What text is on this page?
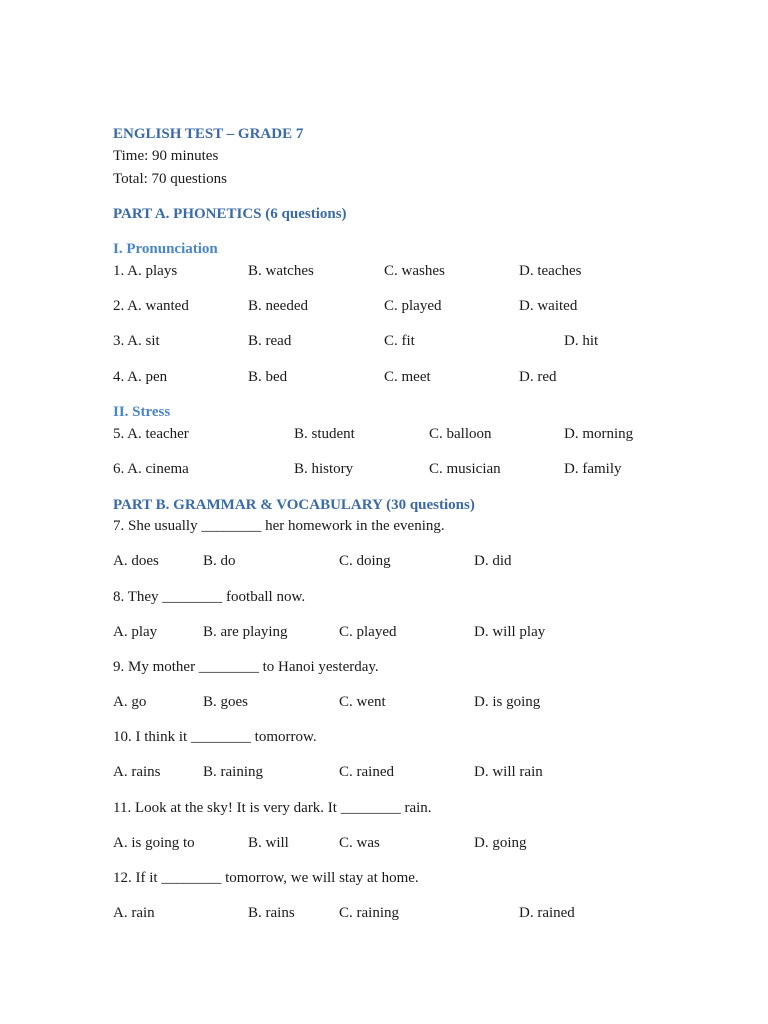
ENGLISH TEST – GRADE 7
Time: 90 minutes
Total: 70 questions
PART A. PHONETICS (6 questions)
I. Pronunciation
1. A. plays	B. watches	C. washes	D. teaches
2. A. wanted	B. needed	C. played	D. waited
3. A. sit	B. read	C. fit	D. hit
4. A. pen	B. bed	C. meet	D. red
II. Stress
5. A. teacher	B. student	C. balloon	D. morning
6. A. cinema	B. history	C. musician	D. family
PART B. GRAMMAR & VOCABULARY (30 questions)
7. She usually ________ her homework in the evening.
A. does	B. do	C. doing	D. did
8. They ________ football now.
A. play	B. are playing	C. played	D. will play
9. My mother ________ to Hanoi yesterday.
A. go	B. goes	C. went	D. is going
10. I think it ________ tomorrow.
A. rains	B. raining	C. rained	D. will rain
11. Look at the sky! It is very dark. It ________ rain.
A. is going to	B. will	C. was	D. going
12. If it ________ tomorrow, we will stay at home.
A. rain	B. rains	C. raining	D. rained
